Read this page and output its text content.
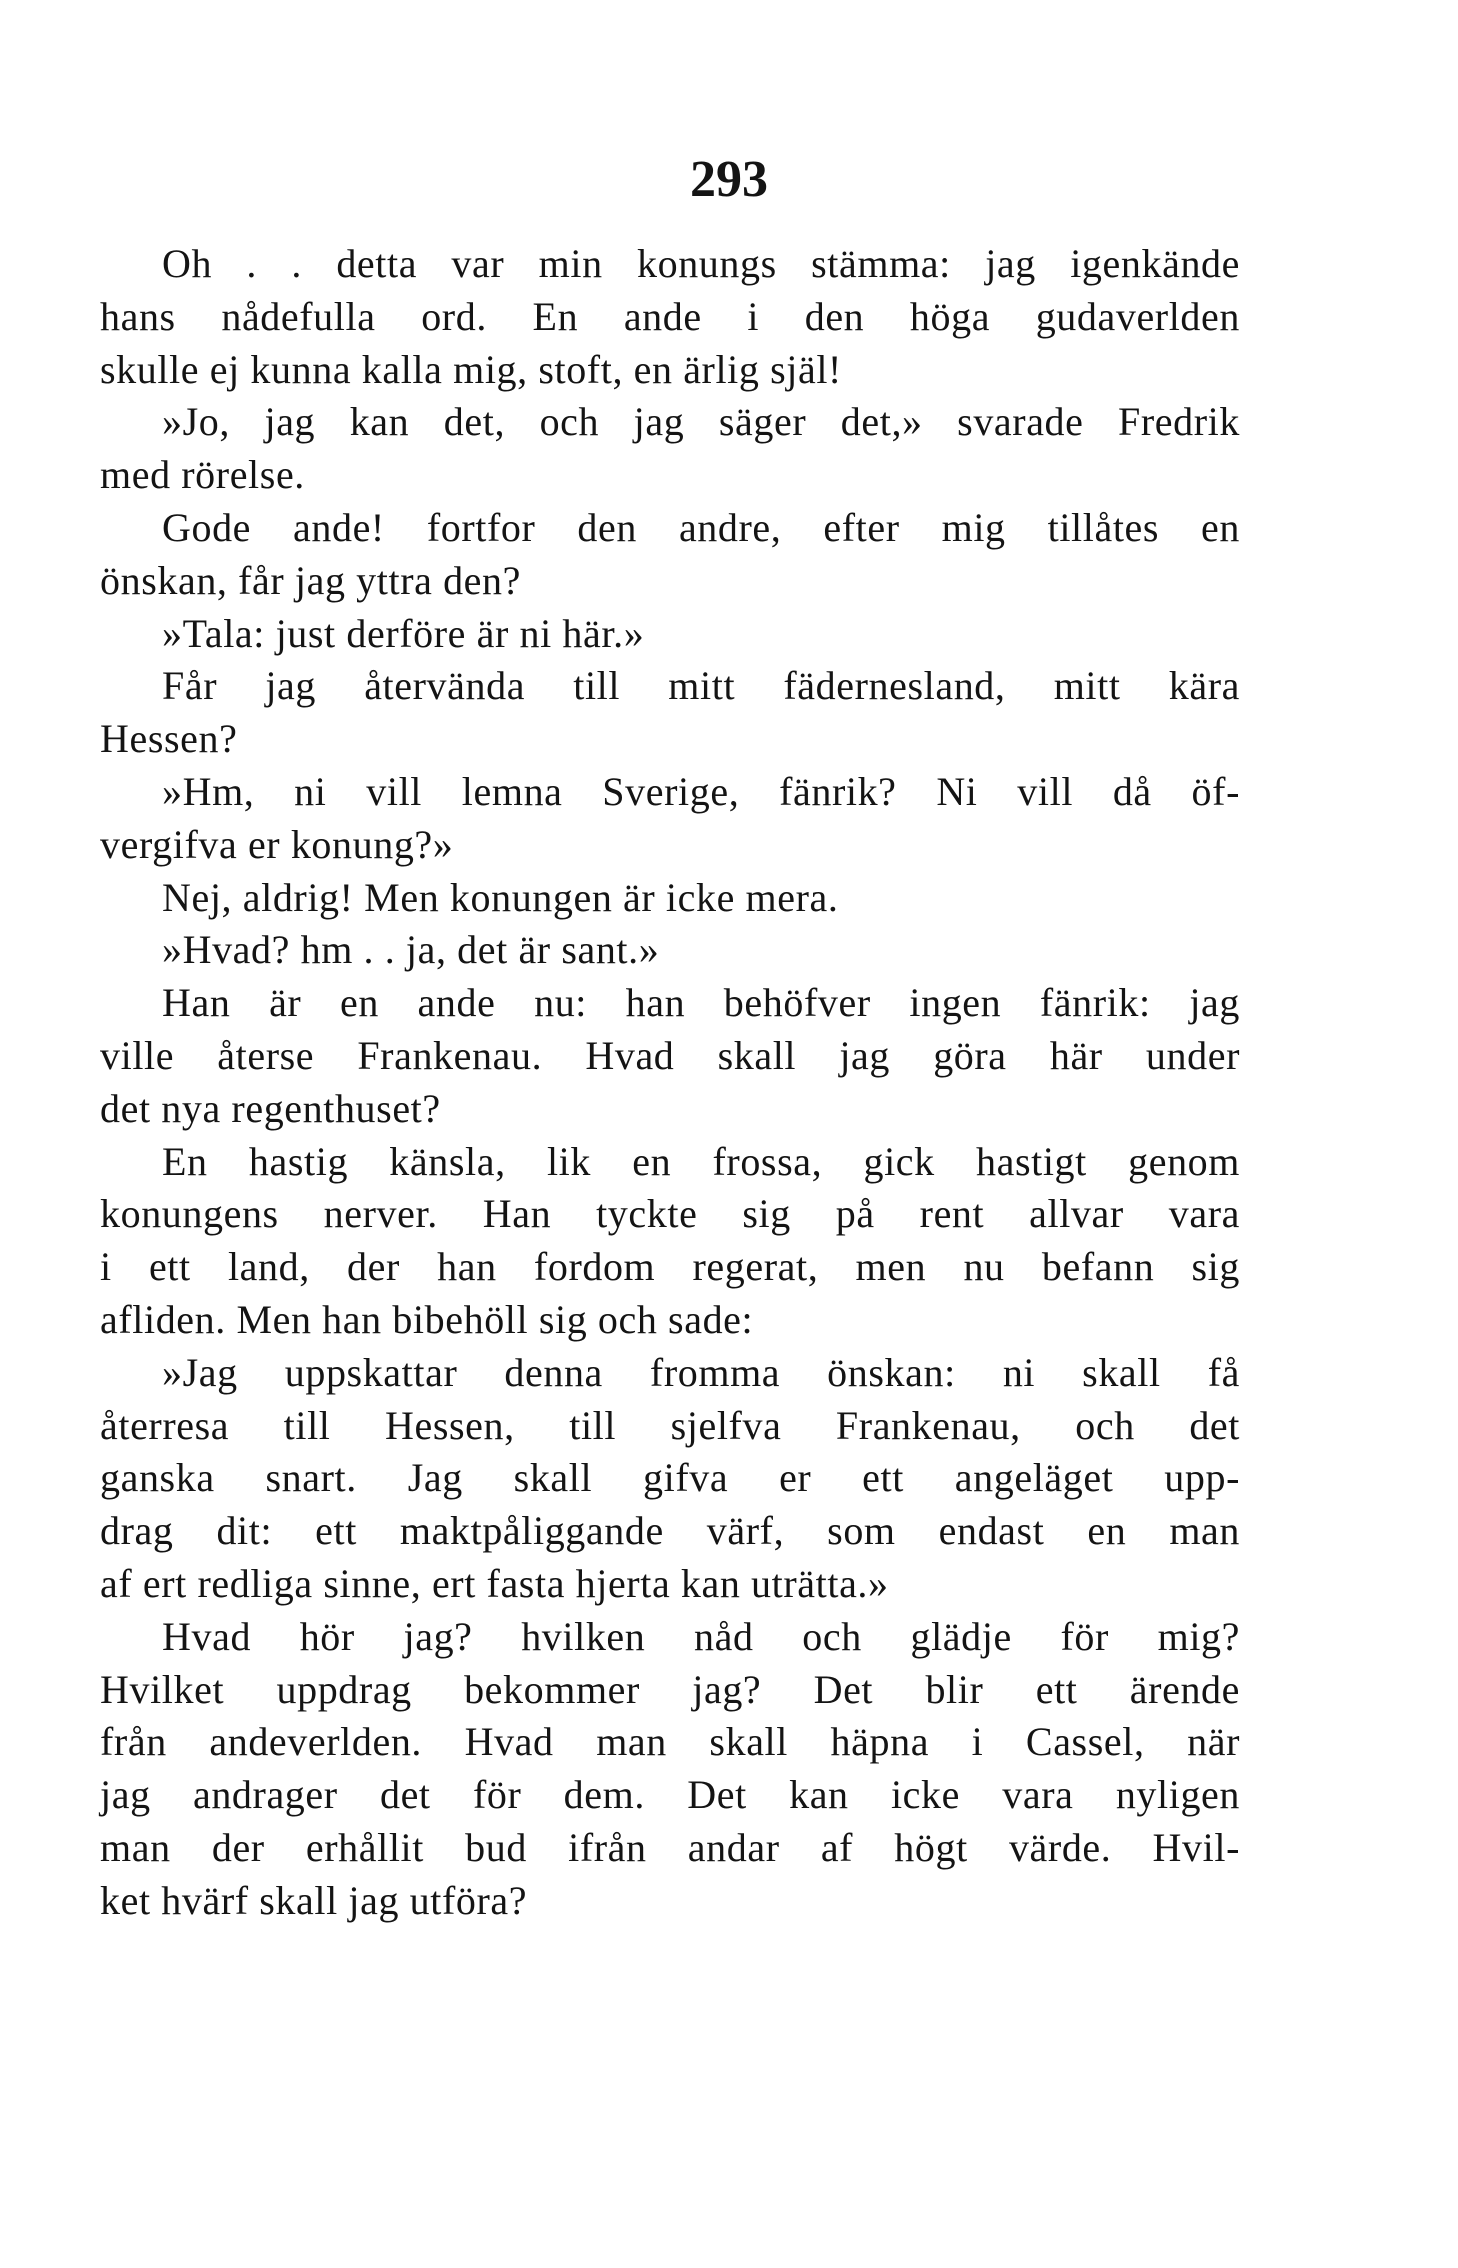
293
Oh . . detta var min konungs stämma: jag igenkände
hans nådefulla ord. En ande i den höga gudaverlden
skulle ej kunna kalla mig, stoft, en ärlig själ!
»Jo, jag kan det, och jag säger det,» svarade Fredrik
med rörelse.
Gode ande! fortfor den andre, efter mig tillåtes en
önskan, får jag yttra den?
»Tala: just derföre är ni här.»
Får jag återvända till mitt fädernesland, mitt kära
Hessen?
»Hm, ni vill lemna Sverige, fänrik? Ni vill då öf-
vergifva er konung?»
Nej, aldrig! Men konungen är icke mera.
»Hvad? hm . . ja, det är sant.»
Han är en ande nu: han behöfver ingen fänrik: jag
ville återse Frankenau. Hvad skall jag göra här under
det nya regenthuset?
En hastig känsla, lik en frossa, gick hastigt genom
konungens nerver. Han tyckte sig på rent allvar vara
i ett land, der han fordom regerat, men nu befann sig
afliden. Men han bibehöll sig och sade:
»Jag uppskattar denna fromma önskan: ni skall få
återresa till Hessen, till sjelfva Frankenau, och det
ganska snart. Jag skall gifva er ett angeläget upp-
drag dit: ett maktpåliggande värf, som endast en man
af ert redliga sinne, ert fasta hjerta kan uträtta.»
Hvad hör jag? hvilken nåd och glädje för mig?
Hvilket uppdrag bekommer jag? Det blir ett ärende
från andeverlden. Hvad man skall häpna i Cassel, när
jag andrager det för dem. Det kan icke vara nyligen
man der erhållit bud ifrån andar af högt värde. Hvil-
ket hvärf skall jag utföra?
